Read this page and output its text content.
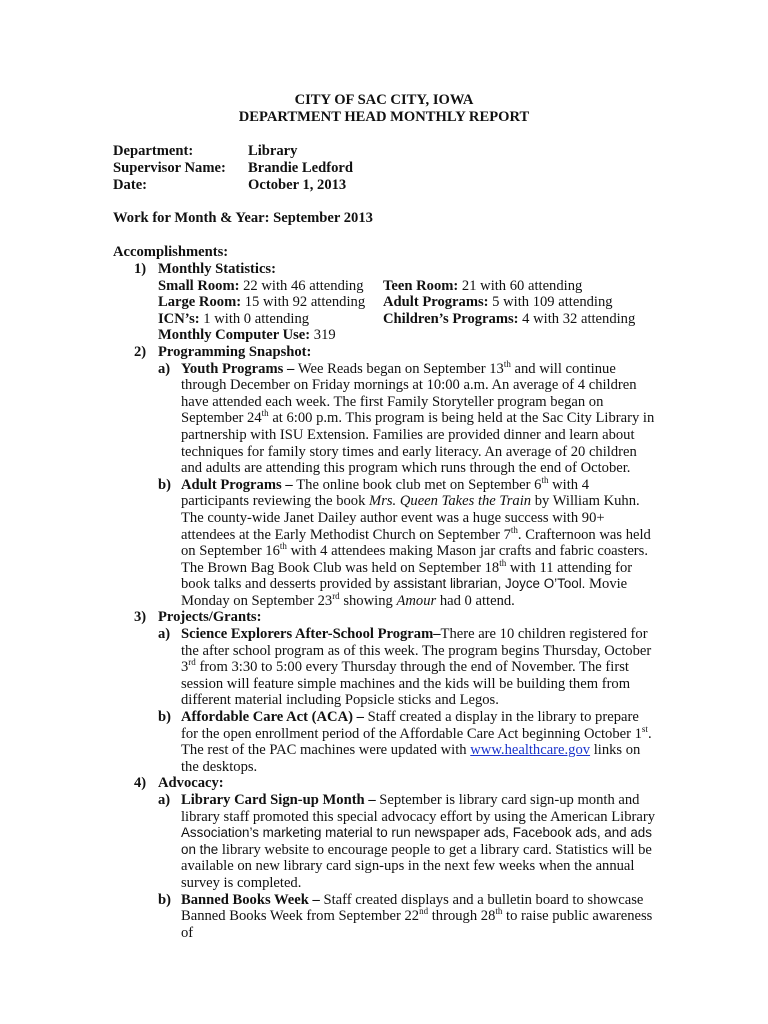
CITY OF SAC CITY, IOWA
DEPARTMENT HEAD MONTHLY REPORT
Department:	Library
Supervisor Name:	Brandie Ledford
Date:	October 1, 2013
Work for Month & Year: September 2013
Accomplishments:
1) Monthly Statistics:
Small Room: 22 with 46 attending	Teen Room: 21 with 60 attending
Large Room: 15 with 92 attending	Adult Programs: 5 with 109 attending
ICN’s: 1 with 0 attending	Children’s Programs: 4 with 32 attending
Monthly Computer Use: 319
2) Programming Snapshot:
a) Youth Programs – Wee Reads began on September 13th and will continue through December on Friday mornings at 10:00 a.m. An average of 4 children have attended each week. The first Family Storyteller program began on September 24th at 6:00 p.m. This program is being held at the Sac City Library in partnership with ISU Extension. Families are provided dinner and learn about techniques for family story times and early literacy. An average of 20 children and adults are attending this program which runs through the end of October.
b) Adult Programs – The online book club met on September 6th with 4 participants reviewing the book Mrs. Queen Takes the Train by William Kuhn. The county-wide Janet Dailey author event was a huge success with 90+ attendees at the Early Methodist Church on September 7th. Crafternoon was held on September 16th with 4 attendees making Mason jar crafts and fabric coasters. The Brown Bag Book Club was held on September 18th with 11 attending for book talks and desserts provided by assistant librarian, Joyce O’Tool. Movie Monday on September 23rd showing Amour had 0 attend.
3) Projects/Grants:
a) Science Explorers After-School Program–There are 10 children registered for the after school program as of this week. The program begins Thursday, October 3rd from 3:30 to 5:00 every Thursday through the end of November. The first session will feature simple machines and the kids will be building them from different material including Popsicle sticks and Legos.
b) Affordable Care Act (ACA) – Staff created a display in the library to prepare for the open enrollment period of the Affordable Care Act beginning October 1st. The rest of the PAC machines were updated with www.healthcare.gov links on the desktops.
4) Advocacy:
a) Library Card Sign-up Month – September is library card sign-up month and library staff promoted this special advocacy effort by using the American Library Association’s marketing material to run newspaper ads, Facebook ads, and ads on the library website to encourage people to get a library card. Statistics will be available on new library card sign-ups in the next few weeks when the annual survey is completed.
b) Banned Books Week – Staff created displays and a bulletin board to showcase Banned Books Week from September 22nd through 28th to raise public awareness of
